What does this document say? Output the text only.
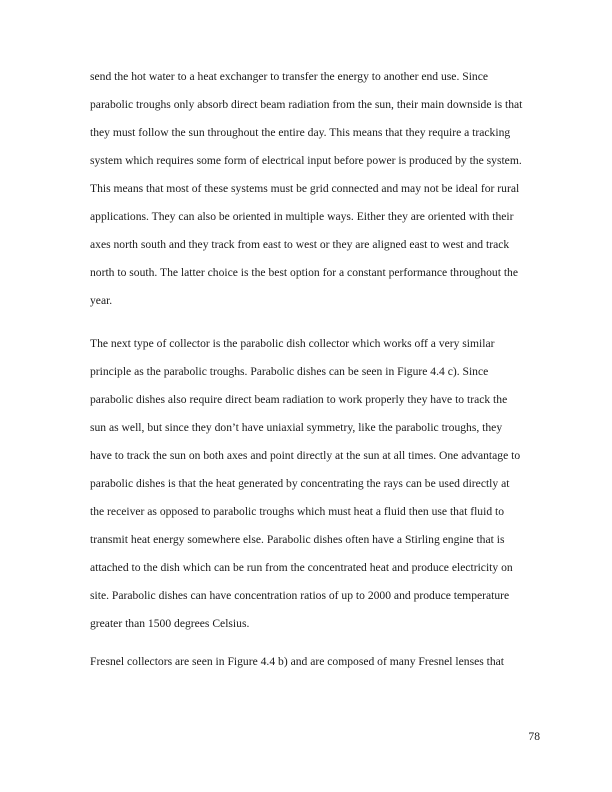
send the hot water to a heat exchanger to transfer the energy to another end use. Since
parabolic troughs only absorb direct beam radiation from the sun, their main downside is that
they must follow the sun throughout the entire day. This means that they require a tracking
system which requires some form of electrical input before power is produced by the system.
This means that most of these systems must be grid connected and may not be ideal for rural
applications. They can also be oriented in multiple ways. Either they are oriented with their
axes north south and they track from east to west or they are aligned east to west and track
north to south. The latter choice is the best option for a constant performance throughout the
year.
The next type of collector is the parabolic dish collector which works off a very similar
principle as the parabolic troughs. Parabolic dishes can be seen in Figure 4.4 c). Since
parabolic dishes also require direct beam radiation to work properly they have to track the
sun as well, but since they don’t have uniaxial symmetry, like the parabolic troughs, they
have to track the sun on both axes and point directly at the sun at all times. One advantage to
parabolic dishes is that the heat generated by concentrating the rays can be used directly at
the receiver as opposed to parabolic troughs which must heat a fluid then use that fluid to
transmit heat energy somewhere else. Parabolic dishes often have a Stirling engine that is
attached to the dish which can be run from the concentrated heat and produce electricity on
site. Parabolic dishes can have concentration ratios of up to 2000 and produce temperature
greater than 1500 degrees Celsius.
Fresnel collectors are seen in Figure 4.4 b) and are composed of many Fresnel lenses that
78
